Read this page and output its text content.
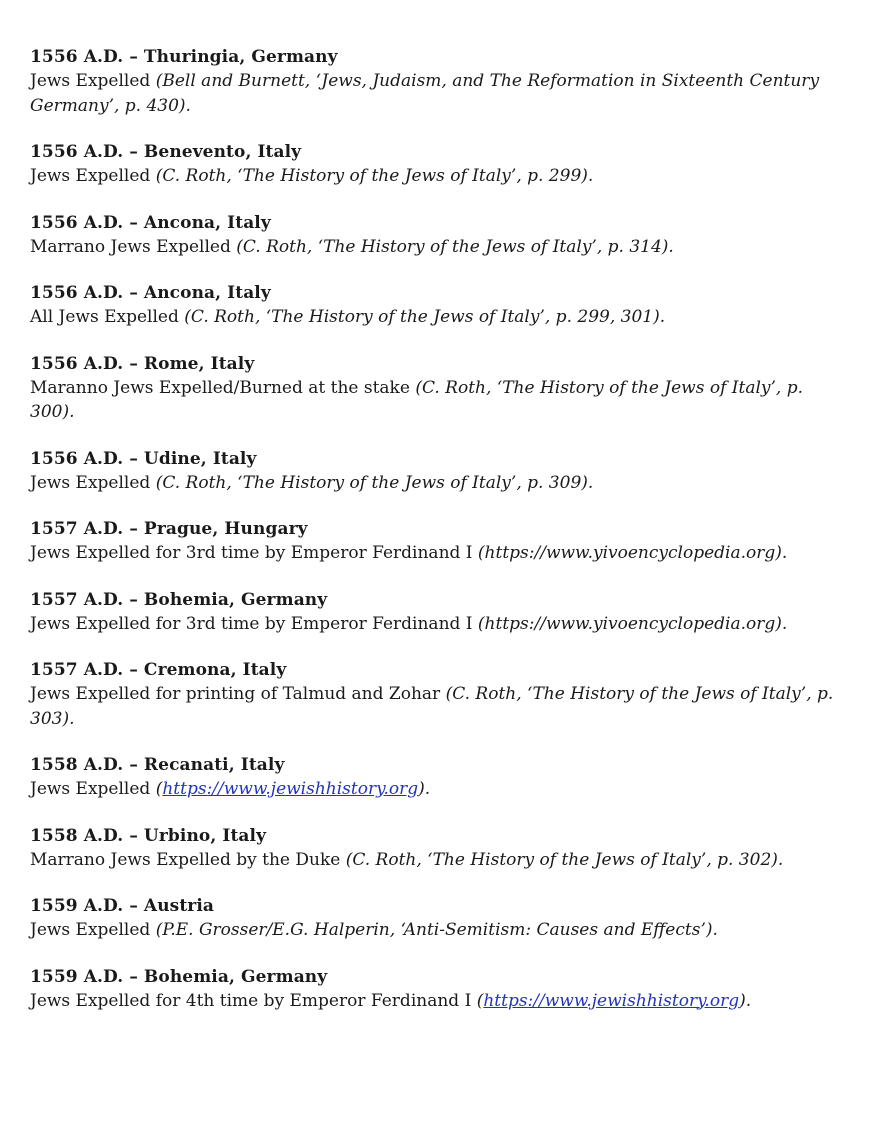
1556 A.D. – Thuringia, Germany
Jews Expelled (Bell and Burnett, ‘Jews, Judaism, and The Reformation in Sixteenth Century Germany’, p. 430).
1556 A.D. – Benevento, Italy
Jews Expelled (C. Roth, ‘The History of the Jews of Italy’, p. 299).
1556 A.D. – Ancona, Italy
Marrano Jews Expelled (C. Roth, ‘The History of the Jews of Italy’, p. 314).
1556 A.D. – Ancona, Italy
All Jews Expelled (C. Roth, ‘The History of the Jews of Italy’, p. 299, 301).
1556 A.D. – Rome, Italy
Maranno Jews Expelled/Burned at the stake (C. Roth, ‘The History of the Jews of Italy’, p. 300).
1556 A.D. – Udine, Italy
Jews Expelled (C. Roth, ‘The History of the Jews of Italy’, p. 309).
1557 A.D. – Prague, Hungary
Jews Expelled for 3rd time by Emperor Ferdinand I (https://www.yivoencyclopedia.org).
1557 A.D. – Bohemia, Germany
Jews Expelled for 3rd time by Emperor Ferdinand I (https://www.yivoencyclopedia.org).
1557 A.D. – Cremona, Italy
Jews Expelled for printing of Talmud and Zohar (C. Roth, ‘The History of the Jews of Italy’, p. 303).
1558 A.D. – Recanati, Italy
Jews Expelled (https://www.jewishhistory.org).
1558 A.D. – Urbino, Italy
Marrano Jews Expelled by the Duke (C. Roth, ‘The History of the Jews of Italy’, p. 302).
1559 A.D. – Austria
Jews Expelled (P.E. Grosser/E.G. Halperin, ‘Anti-Semitism: Causes and Effects’).
1559 A.D. – Bohemia, Germany
Jews Expelled for 4th time by Emperor Ferdinand I (https://www.jewishhistory.org).
